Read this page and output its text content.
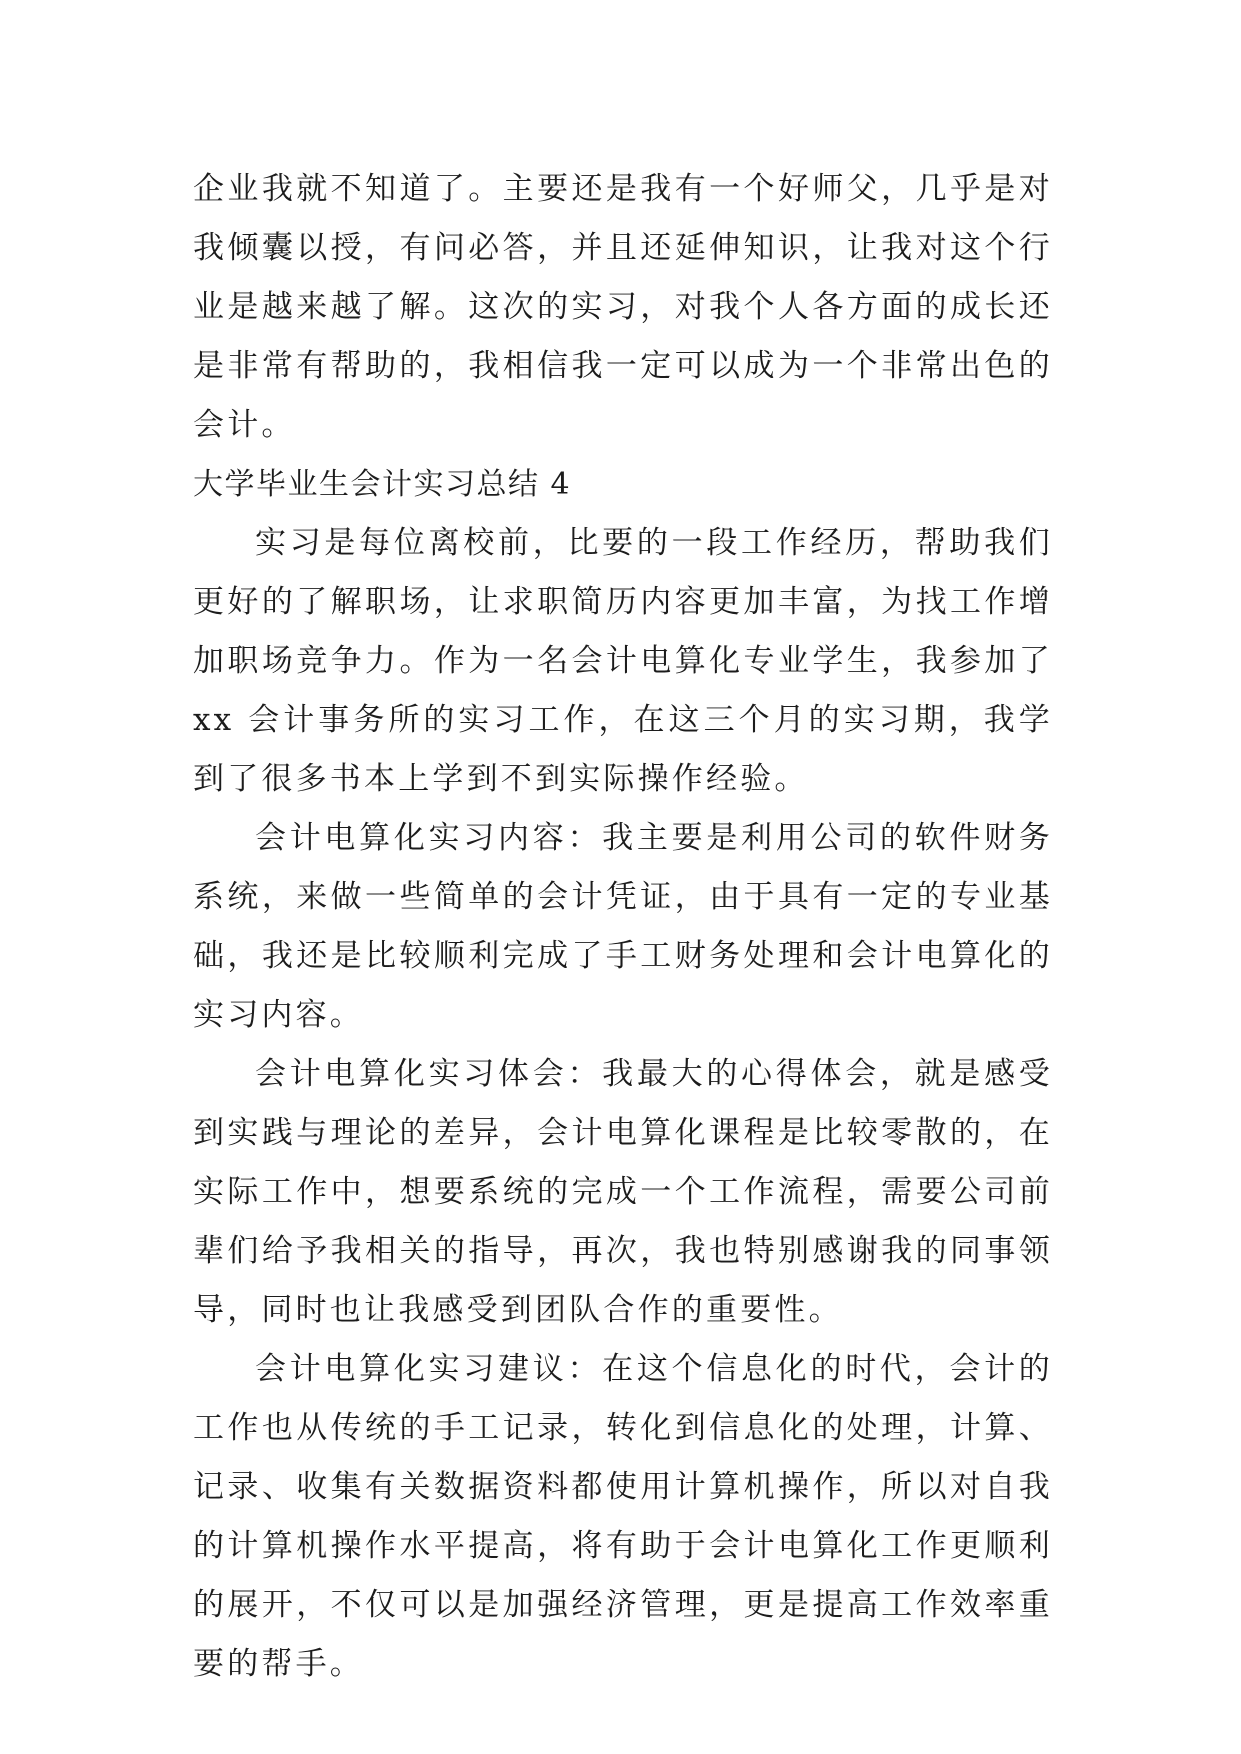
企业我就不知道了。主要还是我有一个好师父，几乎是对我倾囊以授，有问必答，并且还延伸知识，让我对这个行业是越来越了解。这次的实习，对我个人各方面的成长还是非常有帮助的，我相信我一定可以成为一个非常出色的会计。

大学毕业生会计实习总结 4

实习是每位离校前，比要的一段工作经历，帮助我们更好的了解职场，让求职简历内容更加丰富，为找工作增加职场竞争力。作为一名会计电算化专业学生，我参加了 xx 会计事务所的实习工作，在这三个月的实习期，我学到了很多书本上学到不到实际操作经验。

会计电算化实习内容：我主要是利用公司的软件财务系统，来做一些简单的会计凭证，由于具有一定的专业基础，我还是比较顺利完成了手工财务处理和会计电算化的实习内容。

会计电算化实习体会：我最大的心得体会，就是感受到实践与理论的差异，会计电算化课程是比较零散的，在实际工作中，想要系统的完成一个工作流程，需要公司前辈们给予我相关的指导，再次，我也特别感谢我的同事领导，同时也让我感受到团队合作的重要性。

会计电算化实习建议：在这个信息化的时代，会计的工作也从传统的手工记录，转化到信息化的处理，计算、记录、收集有关数据资料都使用计算机操作，所以对自我的计算机操作水平提高，将有助于会计电算化工作更顺利的展开，不仅可以是加强经济管理，更是提高工作效率重要的帮手。
